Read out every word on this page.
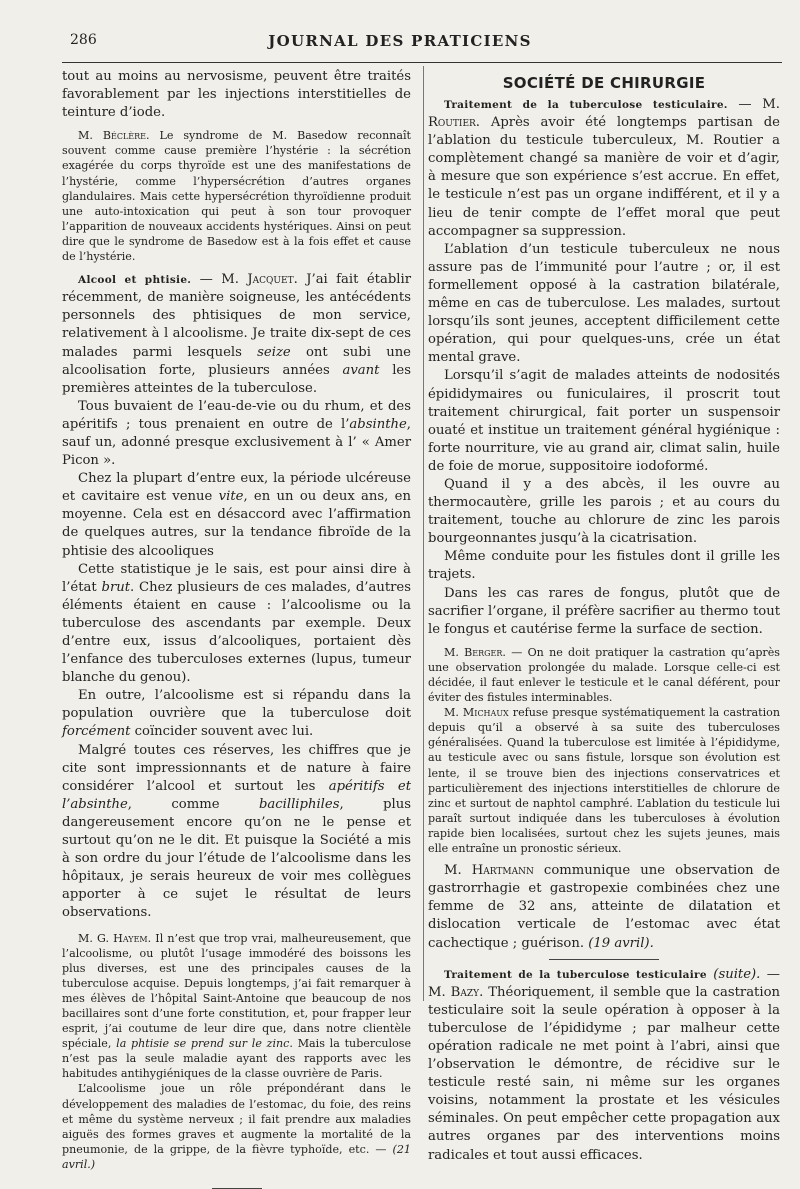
286	JOURNAL DES PRATICIENS

tout au moins au nervosisme, peuvent être traités favorablement par les injections interstitielles de teinture d’iode.

M. Béclère. Le syndrome de M. Basedow reconnaît souvent comme cause première l’hystérie : la sécrétion exagérée du corps thyroïde est une des manifestations de l’hystérie, comme l’hypersécrétion d’autres organes glandulaires. Mais cette hypersécrétion thyroïdienne produit une auto-intoxication qui peut à son tour provoquer l’apparition de nouveaux accidents hystériques. Ainsi on peut dire que le syndrome de Basedow est à la fois effet et cause de l’hystérie.

Alcool et phtisie. — M. Jacquet. J’ai fait établir récemment, de manière soigneuse, les antécédents personnels des phtisiques de mon service, relativement à l alcoolisme. Je traite dix-sept de ces malades parmi lesquels seize ont subi une alcoolisation forte, plusieurs années avant les premières atteintes de la tuberculose.

Tous buvaient de l’eau-de-vie ou du rhum, et des apéritifs ; tous prenaient en outre de l’absinthe, sauf un, adonné presque exclusivement à l’ « Amer Picon ».

Chez la plupart d’entre eux, la période ulcéreuse et cavitaire est venue vite, en un ou deux ans, en moyenne. Cela est en désaccord avec l’affirmation de quelques autres, sur la tendance fibroïde de la phtisie des alcooliques

Cette statistique je le sais, est pour ainsi dire à l’état brut. Chez plusieurs de ces malades, d’autres éléments étaient en cause : l’alcoolisme ou la tuberculose des ascendants par exemple. Deux d’entre eux, issus d’alcooliques, portaient dès l’enfance des tuberculoses externes (lupus, tumeur blanche du genou).

En outre, l’alcoolisme est si répandu dans la population ouvrière que la tuberculose doit forcément coïncider souvent avec lui.

Malgré toutes ces réserves, les chiffres que je cite sont impressionnants et de nature à faire considérer l’alcool et surtout les apéritifs et l’absinthe, comme bacilliphiles, plus dangereusement encore qu’on ne le pense et surtout qu’on ne le dit. Et puisque la Société a mis à son ordre du jour l’étude de l’alcoolisme dans les hôpitaux, je serais heureux de voir mes collègues apporter à ce sujet le résultat de leurs observations.

M. G. Hayem. Il n’est que trop vrai, malheureusement, que l’alcoolisme, ou plutôt l’usage immodéré des boissons les plus diverses, est une des principales causes de la tuberculose acquise. Depuis longtemps, j’ai fait remarquer à mes élèves de l’hôpital Saint-Antoine que beaucoup de nos bacillaires sont d’une forte constitution, et, pour frapper leur esprit, j’ai coutume de leur dire que, dans notre clientèle spéciale, la phtisie se prend sur le zinc. Mais la tuberculose n’est pas la seule maladie ayant des rapports avec les habitudes antihygiéniques de la classe ouvrière de Paris.

L’alcoolisme joue un rôle prépondérant dans le développement des maladies de l’estomac, du foie, des reins et même du système nerveux ; il fait prendre aux maladies aiguës des formes graves et augmente la mortalité de la pneumonie, de la grippe, de la fièvre typhoïde, etc. — (21 avril.)

SOCIÉTÉ DE CHIRURGIE

Traitement de la tuberculose testiculaire. — M. Routier. Après avoir été longtemps partisan de l’ablation du testicule tuberculeux, M. Routier a complètement changé sa manière de voir et d’agir, à mesure que son expérience s’est accrue. En effet, le testicule n’est pas un organe indifférent, et il y a lieu de tenir compte de l’effet moral que peut accompagner sa suppression.

L’ablation d’un testicule tuberculeux ne nous assure pas de l’immunité pour l’autre ; or, il est formellement opposé à la castration bilatérale, même en cas de tuberculose. Les malades, surtout lorsqu’ils sont jeunes, acceptent difficilement cette opération, qui pour quelques-uns, crée un état mental grave.

Lorsqu’il s’agit de malades atteints de nodosités épididymaires ou funiculaires, il proscrit tout traitement chirurgical, fait porter un suspensoir ouaté et institue un traitement général hygiénique : forte nourriture, vie au grand air, climat salin, huile de foie de morue, suppositoire iodoformé.

Quand il y a des abcès, il les ouvre au thermocautère, grille les parois ; et au cours du traitement, touche au chlorure de zinc les parois bourgeonnantes jusqu’à la cicatrisation.

Même conduite pour les fistules dont il grille les trajets.

Dans les cas rares de fongus, plutôt que de sacrifier l’organe, il préfère sacrifier au thermo tout le fongus et cautérise ferme la surface de section.

M. Berger. — On ne doit pratiquer la castration qu’après une observation prolongée du malade. Lorsque celle-ci est décidée, il faut enlever le testicule et le canal déférent, pour éviter des fistules interminables.

M. Michaux refuse presque systématiquement la castration depuis qu’il a observé à sa suite des tuberculoses généralisées. Quand la tuberculose est limitée à l’épididyme, au testicule avec ou sans fistule, lorsque son évolution est lente, il se trouve bien des injections conservatrices et particulièrement des injections interstitielles de chlorure de zinc et surtout de naphtol camphré. L’ablation du testicule lui paraît surtout indiquée dans les tuberculoses à évolution rapide bien localisées, surtout chez les sujets jeunes, mais elle entraîne un pronostic sérieux.

M. Hartmann communique une observation de gastrorrhagie et gastropexie combinées chez une femme de 32 ans, atteinte de dilatation et dislocation verticale de l’estomac avec état cachectique ; guérison. (19 avril).

Traitement de la tuberculose testiculaire (suite). — M. Bazy. Théoriquement, il semble que la castration testiculaire soit la seule opération à opposer à la tuberculose de l’épididyme ; par malheur cette opération radicale ne met point à l’abri, ainsi que l’observation le démontre, de récidive sur le testicule resté sain, ni même sur les organes voisins, notamment la prostate et les vésicules séminales. On peut empêcher cette propagation aux autres organes par des interventions moins radicales et tout aussi efficaces.
